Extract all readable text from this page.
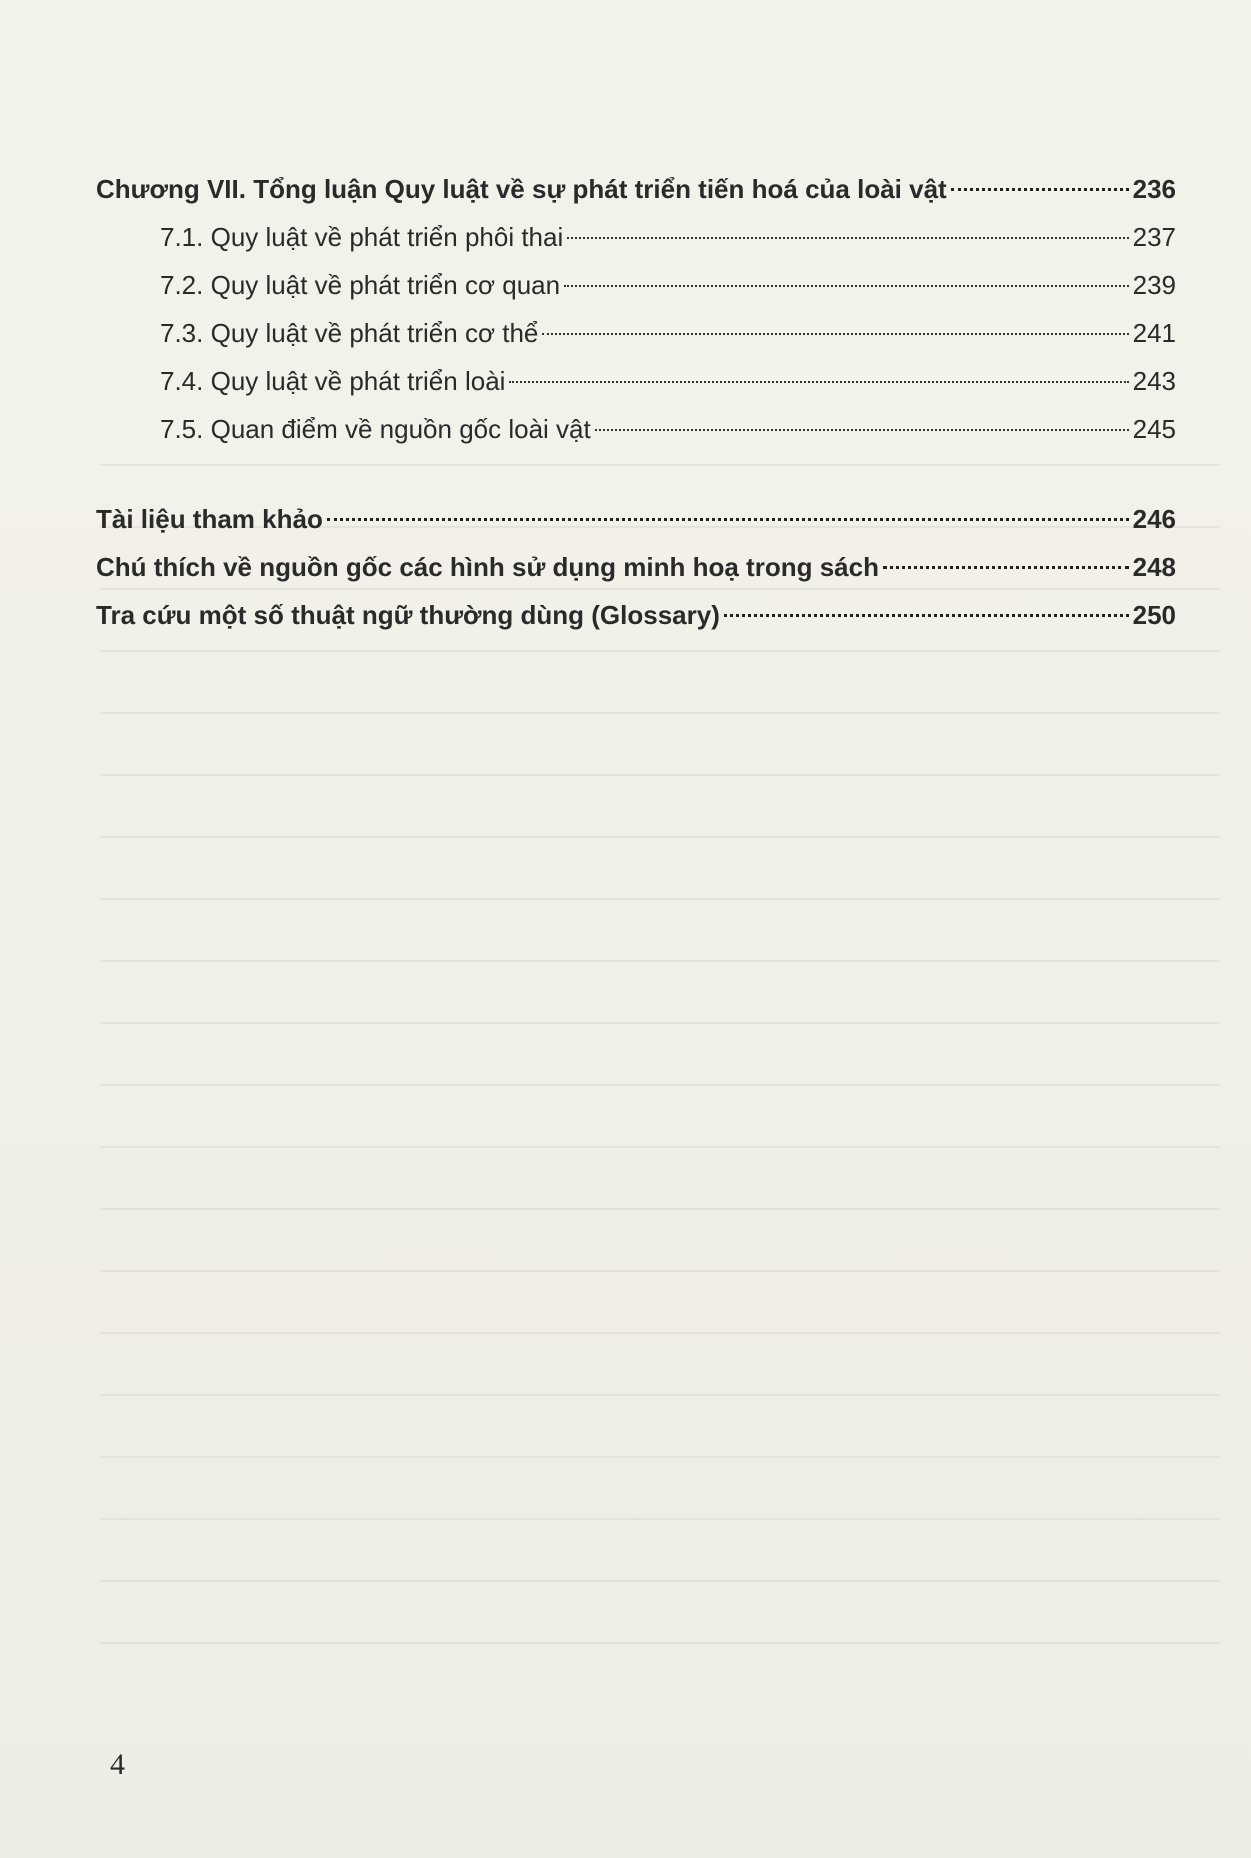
Chương VII. Tổng luận Quy luật về sự phát triển tiến hoá của loài vật	236
7.1. Quy luật về phát triển phôi thai	237
7.2. Quy luật về phát triển cơ quan	239
7.3. Quy luật về phát triển cơ thể	241
7.4. Quy luật về phát triển loài	243
7.5. Quan điểm về nguồn gốc loài vật	245
Tài liệu tham khảo	246
Chú thích về nguồn gốc các hình sử dụng minh hoạ trong sách	248
Tra cứu một số thuật ngữ thường dùng (Glossary)	250
4
